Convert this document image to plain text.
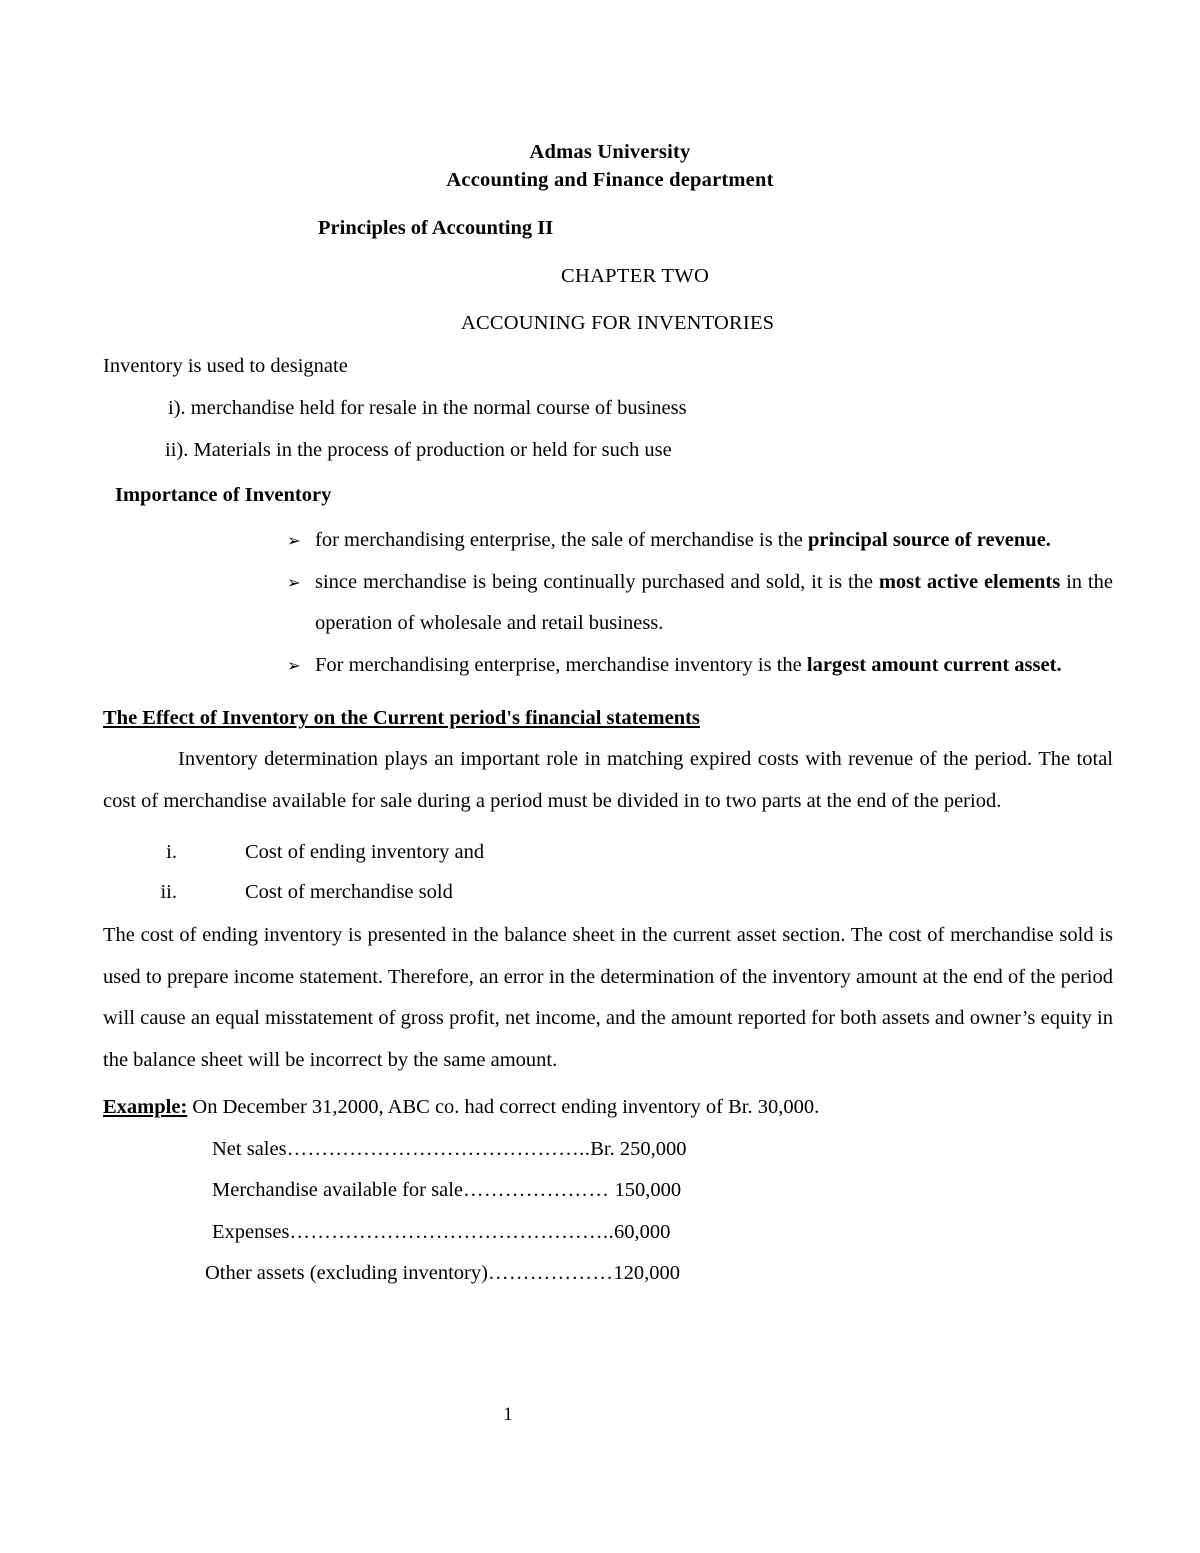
Admas University
Accounting and Finance department
Principles of Accounting II
CHAPTER TWO
ACCOUNING FOR INVENTORIES
Inventory is used to designate
i). merchandise held for resale in the normal course of business
ii). Materials in the process of production or held for such use
Importance of Inventory
➢ for merchandising enterprise, the sale of merchandise is the principal source of revenue.
➢ since merchandise is being continually purchased and sold, it is the most active elements in the operation of wholesale and retail business.
➢ For merchandising enterprise, merchandise inventory is the largest amount current asset.
The Effect of Inventory on the Current period's financial statements
Inventory determination plays an important role in matching expired costs with revenue of the period. The total cost of merchandise available for sale during a period must be divided in to two parts at the end of the period.
i.	Cost of ending inventory and
ii.	Cost of merchandise sold
The cost of ending inventory is presented in the balance sheet in the current asset section. The cost of merchandise sold is used to prepare income statement. Therefore, an error in the determination of the inventory amount at the end of the period will cause an equal misstatement of gross profit, net income, and the amount reported for both assets and owner’s equity in the balance sheet will be incorrect by the same amount.
Example: On December 31,2000, ABC co. had correct ending inventory of Br. 30,000.
Net sales……………………………………..Br. 250,000
Merchandise available for sale………………… 150,000
Expenses………………………………………..60,000
Other assets (excluding inventory)………………120,000
1
